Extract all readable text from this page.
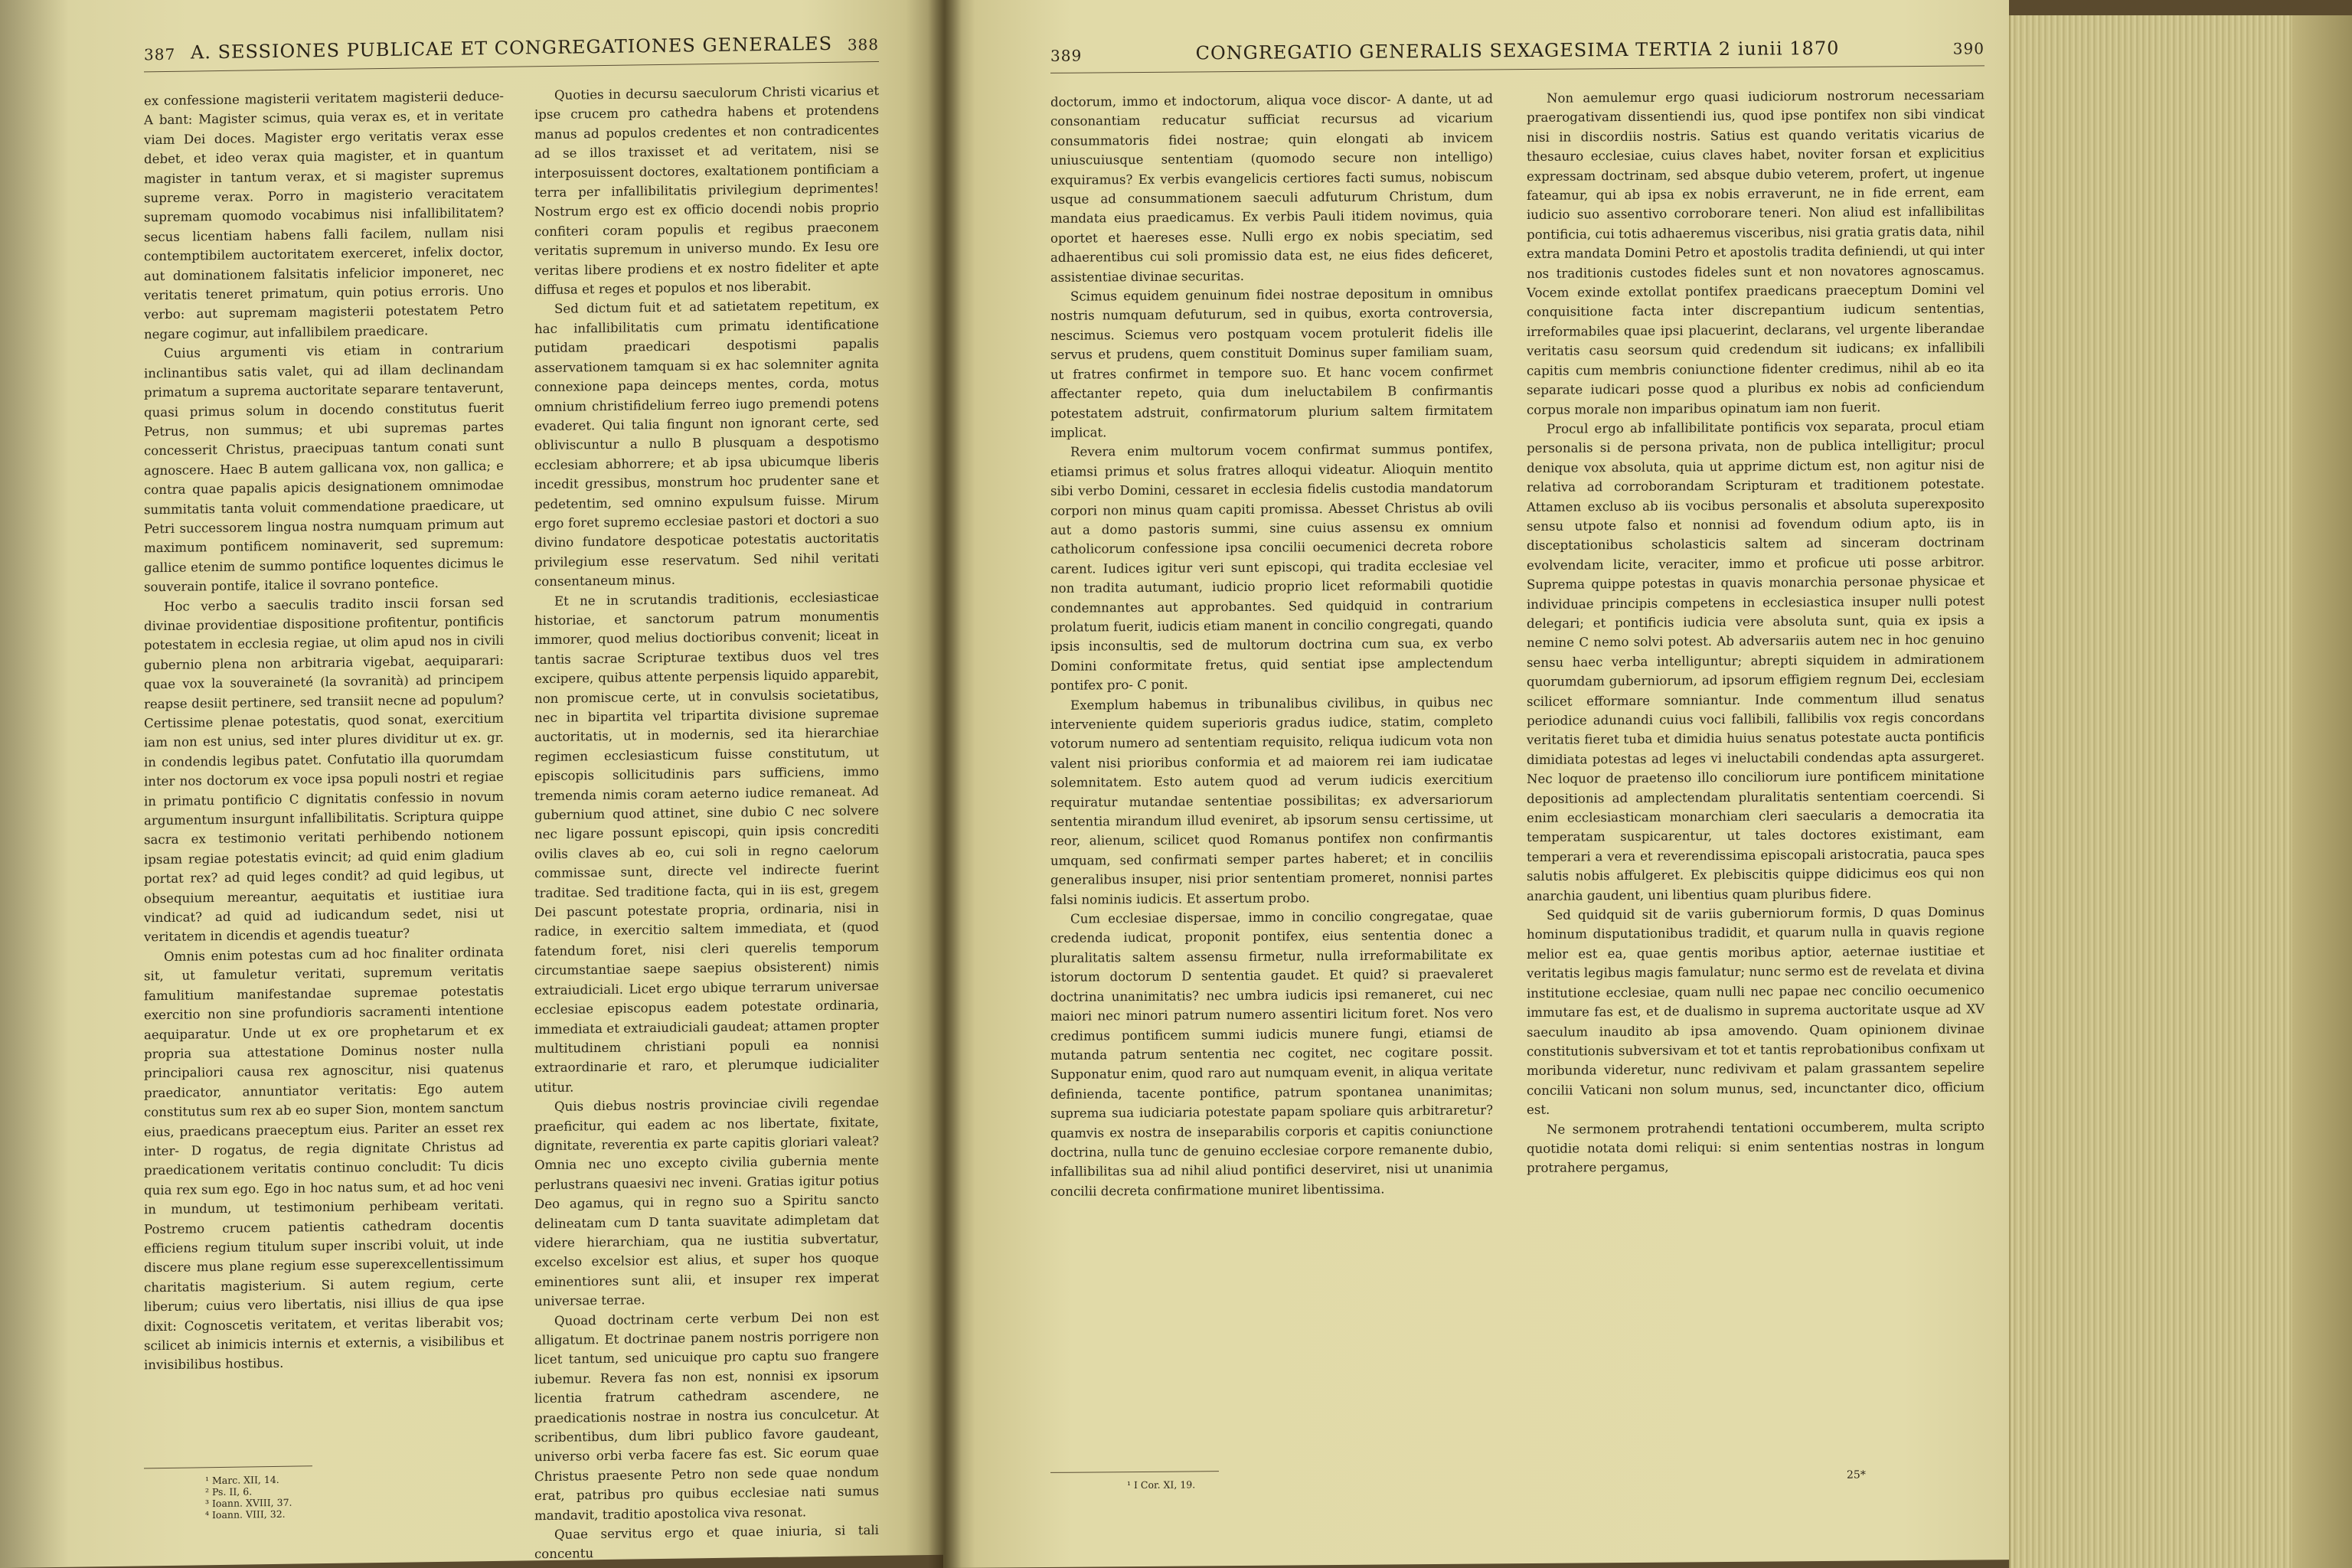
387 A. SESSIONES PUBLICAE ET CONGREGATIONES GENERALES 388

ex confessione magisterii veritatem magisterii deduce- A bant: Magister scimus, quia verax es, et in veritate viam Dei doces. Magister ergo veritatis verax esse debet, et ideo verax quia magister, et in quantum magister in tantum verax, et si magister supremus supreme verax. Porro in magisterio veracitatem supremam quomodo vocabimus nisi infallibilitatem? secus licentiam habens falli facilem, nullam nisi contemptibilem auctoritatem exerceret, infelix doctor, aut dominationem falsitatis infelicior imponeret, nec veritatis teneret primatum, quin potius erroris. Uno verbo: aut supremam magisterii potestatem Petro negare cogimur, aut infallibilem praedicare.

Cuius argumenti vis etiam in contrarium inclinantibus satis valet, qui ad illam declinandam primatum a suprema auctoritate separare tentaverunt, quasi primus solum in docendo constitutus fuerit Petrus, non summus; et ubi supremas partes concesserit Christus, praecipuas tantum conati sunt agnoscere. Haec B autem gallicana vox, non gallica; e contra quae papalis apicis designationem omnimodae summitatis tanta voluit commendatione praedicare, ut Petri successorem lingua nostra numquam primum aut maximum pontificem nominaverit, sed supremum: gallice etenim de summo pontifice loquentes dicimus le souverain pontife, italice il sovrano pontefice.

Hoc verbo a saeculis tradito inscii forsan sed divinae providentiae dispositione profitentur, pontificis potestatem in ecclesia regiae, ut olim apud nos in civili gubernio plena non arbitraria vigebat, aequiparari: quae vox la souveraineté (la sovranità) ad principem reapse desiit pertinere, sed transiit necne ad populum? Certissime plenae potestatis, quod sonat, exercitium iam non est unius, sed inter plures dividitur ut ex. gr. in condendis legibus patet. Confutatio illa quorumdam inter nos doctorum ex voce ipsa populi nostri et regiae in primatu pontificio C dignitatis confessio in novum argumentum insurgunt infallibilitatis. Scriptura quippe sacra ex testimonio veritati perhibendo notionem ipsam regiae potestatis evincit; ad quid enim gladium portat rex? ad quid leges condit? ad quid legibus, ut obsequium mereantur, aequitatis et iustitiae iura vindicat? ad quid ad iudicandum sedet, nisi ut veritatem in dicendis et agendis tueatur?

Omnis enim potestas cum ad hoc finaliter ordinata sit, ut famuletur veritati, supremum veritatis famulitium manifestandae supremae potestatis exercitio non sine profundioris sacramenti intentione aequiparatur. Unde ut ex ore prophetarum et ex propria sua attestatione Dominus noster nulla principaliori causa rex agnoscitur, nisi quatenus praedicator, annuntiator veritatis: Ego autem constitutus sum rex ab eo super Sion, montem sanctum eius, praedicans praeceptum eius. Pariter an esset rex inter- D rogatus, de regia dignitate Christus ad praedicationem veritatis continuo concludit: Tu dicis quia rex sum ego. Ego in hoc natus sum, et ad hoc veni in mundum, ut testimonium perhibeam veritati. Postremo crucem patientis cathedram docentis efficiens regium titulum super inscribi voluit, ut inde discere mus plane regium esse superexcellentissimum charitatis magisterium. Si autem regium, certe liberum; cuius vero libertatis, nisi illius de qua ipse dixit: Cognoscetis veritatem, et veritas liberabit vos; scilicet ab inimicis internis et externis, a visibilibus et invisibilibus hostibus.

Quoties in decursu saeculorum Christi vicarius et ipse crucem pro cathedra habens et protendens manus ad populos credentes et non contradicentes ad se illos traxisset et ad veritatem, nisi se interposuissent doctores, exaltationem pontificiam a terra per infallibilitatis privilegium deprimentes! Nostrum ergo est ex officio docendi nobis proprio confiteri coram populis et regibus praeconem veritatis supremum in universo mundo. Ex Iesu ore veritas libere prodiens et ex nostro fideliter et apte diffusa et reges et populos et nos liberabit.

Sed dictum fuit et ad satietatem repetitum, ex hac infallibilitatis cum primatu identificatione putidam praedicari despotismi papalis asservationem tamquam si ex hac solemniter agnita connexione papa deinceps mentes, corda, motus omnium christifidelium ferreo iugo premendi potens evaderet. Qui talia fingunt non ignorant certe, sed obliviscuntur a nullo B plusquam a despotismo ecclesiam abhorrere; et ab ipsa ubicumque liberis incedit gressibus, monstrum hoc prudenter sane et pedetentim, sed omnino expulsum fuisse. Mirum ergo foret supremo ecclesiae pastori et doctori a suo divino fundatore despoticae potestatis auctoritatis privilegium esse reservatum. Sed nihil veritati consentaneum minus.

Et ne in scrutandis traditionis, ecclesiasticae historiae, et sanctorum patrum monumentis immorer, quod melius doctioribus convenit; liceat in tantis sacrae Scripturae textibus duos vel tres excipere, quibus attente perpensis liquido apparebit, non promiscue certe, ut in convulsis societatibus, nec in bipartita vel tripartita divisione supremae auctoritatis, ut in modernis, sed ita hierarchiae regimen ecclesiasticum fuisse constitutum, ut episcopis sollicitudinis pars sufficiens, immo tremenda nimis coram aeterno iudice remaneat. Ad gubernium quod attinet, sine dubio C nec solvere nec ligare possunt episcopi, quin ipsis concrediti ovilis claves ab eo, cui soli in regno caelorum commissae sunt, directe vel indirecte fuerint traditae. Sed traditione facta, qui in iis est, gregem Dei pascunt potestate propria, ordinaria, nisi in radice, in exercitio saltem immediata, et (quod fatendum foret, nisi cleri querelis temporum circumstantiae saepe saepius obsisterent) nimis extraiudiciali. Licet ergo ubique terrarum universae ecclesiae episcopus eadem potestate ordinaria, immediata et extraiudiciali gaudeat; attamen propter multitudinem christiani populi ea nonnisi extraordinarie et raro, et plerumque iudicialiter utitur.

Quis diebus nostris provinciae civili regendae praeficitur, qui eadem ac nos libertate, fixitate, dignitate, reverentia ex parte capitis gloriari valeat? Omnia nec uno excepto civilia gubernia mente perlustrans quaesivi nec inveni. Gratias igitur potius Deo agamus, qui in regno suo a Spiritu sancto delineatam cum D tanta suavitate adimpletam dat videre hierarchiam, qua ne iustitia subvertatur, excelso excelsior est alius, et super hos quoque eminentiores sunt alii, et insuper rex imperat universae terrae.

Quoad doctrinam certe verbum Dei non est alligatum. Et doctrinae panem nostris porrigere non licet tantum, sed unicuique pro captu suo frangere iubemur. Revera fas non est, nonnisi ex ipsorum licentia fratrum cathedram ascendere, ne praedicationis nostrae in nostra ius conculcetur. At scribentibus, dum libri publico favore gaudeant, universo orbi verba facere fas est. Sic eorum quae Christus praesente Petro non sede quae nondum erat, patribus pro quibus ecclesiae nati sumus mandavit, traditio apostolica viva resonat.

Quae servitus ergo et quae iniuria, si tali concentu

¹ Marc. XII, 14.
² Ps. II, 6.
³ Ioann. XVIII, 37.
⁴ Ioann. VIII, 32.
389	CONGREGATIO GENERALIS SEXAGESIMA TERTIA 2 iunii 1870	390

doctorum, immo et indoctorum, aliqua voce discor- A dante, ut ad consonantiam reducatur sufficiat recursus ad vicarium consummatoris fidei nostrae; quin elongati ab invicem uniuscuiusque sententiam (quomodo secure non intelligo) exquiramus? Ex verbis evangelicis certiores facti sumus, nobiscum usque ad consummationem saeculi adfuturum Christum, dum mandata eius praedicamus. Ex verbis Pauli itidem novimus, quia oportet et haereses esse. Nulli ergo ex nobis speciatim, sed adhaerentibus cui soli promissio data est, ne eius fides deficeret, assistentiae divinae securitas.

Scimus equidem genuinum fidei nostrae depositum in omnibus nostris numquam defuturum, sed in quibus, exorta controversia, nescimus. Sciemus vero postquam vocem protulerit fidelis ille servus et prudens, quem constituit Dominus super familiam suam, ut fratres confirmet in tempore suo. Et hanc vocem confirmet affectanter repeto, quia dum ineluctabilem B confirmantis potestatem adstruit, confirmatorum plurium saltem firmitatem implicat.

Revera enim multorum vocem confirmat summus pontifex, etiamsi primus et solus fratres alloqui videatur. Alioquin mentito sibi verbo Domini, cessaret in ecclesia fidelis custodia mandatorum corpori non minus quam capiti promissa. Abesset Christus ab ovili aut a domo pastoris summi, sine cuius assensu ex omnium catholicorum confessione ipsa concilii oecumenici decreta robore carent. Iudices igitur veri sunt episcopi, qui tradita ecclesiae vel non tradita autumant, iudicio proprio licet reformabili quotidie condemnantes aut approbantes. Sed quidquid in contrarium prolatum fuerit, iudicis etiam manent in concilio congregati, quando ipsis inconsultis, sed de multorum doctrina cum sua, ex verbo Domini conformitate fretus, quid sentiat ipse amplectendum pontifex pro- C ponit.

Exemplum habemus in tribunalibus civilibus, in quibus nec interveniente quidem superioris gradus iudice, statim, completo votorum numero ad sententiam requisito, reliqua iudicum vota non valent nisi prioribus conformia et ad maiorem rei iam iudicatae solemnitatem. Esto autem quod ad verum iudicis exercitium requiratur mutandae sententiae possibilitas; ex adversariorum sententia mirandum illud eveniret, ab ipsorum sensu certissime, ut reor, alienum, scilicet quod Romanus pontifex non confirmantis umquam, sed confirmati semper partes haberet; et in conciliis generalibus insuper, nisi prior sententiam promeret, nonnisi partes falsi nominis iudicis. Et assertum probo.

Cum ecclesiae dispersae, immo in concilio congregatae, quae credenda iudicat, proponit pontifex, eius sententia donec a pluralitatis saltem assensu firmetur, nulla irreformabilitate ex istorum doctorum D sententia gaudet. Et quid? si praevaleret doctrina unanimitatis? nec umbra iudicis ipsi remaneret, cui nec maiori nec minori patrum numero assentiri licitum foret. Nos vero credimus pontificem summi iudicis munere fungi, etiamsi de mutanda patrum sententia nec cogitet, nec cogitare possit. Supponatur enim, quod raro aut numquam evenit, in aliqua veritate definienda, tacente pontifice, patrum spontanea unanimitas; suprema sua iudiciaria potestate papam spoliare quis arbitraretur? quamvis ex nostra de inseparabilis corporis et capitis coniunctione doctrina, nulla tunc de genuino ecclesiae corpore remanente dubio, infallibilitas sua ad nihil aliud pontifici deserviret, nisi ut unanimia concilii decreta confirmatione muniret libentissima.

Non aemulemur ergo quasi iudiciorum nostrorum necessariam praerogativam dissentiendi ius, quod ipse pontifex non sibi vindicat nisi in discordiis nostris. Satius est quando veritatis vicarius de thesauro ecclesiae, cuius claves habet, noviter forsan et explicitius expressam doctrinam, sed absque dubio veterem, profert, ut ingenue fateamur, qui ab ipsa ex nobis erraverunt, ne in fide errent, eam iudicio suo assentivo corroborare teneri. Non aliud est infallibilitas pontificia, cui totis adhaeremus visceribus, nisi gratia gratis data, nihil extra mandata Domini Petro et apostolis tradita definiendi, ut qui inter nos traditionis custodes fideles sunt et non novatores agnoscamus. Vocem exinde extollat pontifex praedicans praeceptum Domini vel conquisitione facta inter discrepantium iudicum sententias, irreformabiles quae ipsi placuerint, declarans, vel urgente liberandae veritatis casu seorsum quid credendum sit iudicans; ex infallibili capitis cum membris coniunctione fidenter credimus, nihil ab eo ita separate iudicari posse quod a pluribus ex nobis ad conficiendum corpus morale non imparibus opinatum iam non fuerit.

Procul ergo ab infallibilitate pontificis vox separata, procul etiam personalis si de persona privata, non de publica intelligitur; procul denique vox absoluta, quia ut apprime dictum est, non agitur nisi de relativa ad corroborandam Scripturam et traditionem potestate. Attamen excluso ab iis vocibus personalis et absoluta superexposito sensu utpote falso et nonnisi ad fovendum odium apto, iis in disceptationibus scholasticis saltem ad sinceram doctrinam evolvendam licite, veraciter, immo et proficue uti posse arbitror. Suprema quippe potestas in quavis monarchia personae physicae et individuae principis competens in ecclesiastica insuper nulli potest delegari; et pontificis iudicia vere absoluta sunt, quia ex ipsis a nemine C nemo solvi potest. Ab adversariis autem nec in hoc genuino sensu haec verba intelliguntur; abrepti siquidem in admirationem quorumdam guberniorum, ad ipsorum effigiem regnum Dei, ecclesiam scilicet efformare somniantur. Inde commentum illud senatus periodice adunandi cuius voci fallibili, fallibilis vox regis concordans veritatis fieret tuba et dimidia huius senatus potestate aucta pontificis dimidiata potestas ad leges vi ineluctabili condendas apta assurgeret. Nec loquor de praetenso illo conciliorum iure pontificem minitatione depositionis ad amplectendam pluralitatis sententiam coercendi. Si enim ecclesiasticam monarchiam cleri saecularis a democratia ita temperatam suspicarentur, ut tales doctores existimant, eam temperari a vera et reverendissima episcopali aristocratia, pauca spes salutis nobis affulgeret. Ex plebiscitis quippe didicimus eos qui non anarchia gaudent, uni libentius quam pluribus fidere.

Sed quidquid sit de variis guberniorum formis, D quas Dominus hominum disputationibus tradidit, et quarum nulla in quavis regione melior est ea, quae gentis moribus aptior, aeternae iustitiae et veritatis legibus magis famulatur; nunc sermo est de revelata et divina institutione ecclesiae, quam nulli nec papae nec concilio oecumenico immutare fas est, et de dualismo in suprema auctoritate usque ad XV saeculum inaudito ab ipsa amovendo. Quam opinionem divinae constitutionis subversivam et tot et tantis reprobationibus confixam ut moribunda videretur, nunc redivivam et palam grassantem sepelire concilii Vaticani non solum munus, sed, incunctanter dico, officium est.

Ne sermonem protrahendi tentationi occumberem, multa scripto quotidie notata domi reliqui: si enim sententias nostras in longum protrahere pergamus,

¹ I Cor. XI, 19.
25*
